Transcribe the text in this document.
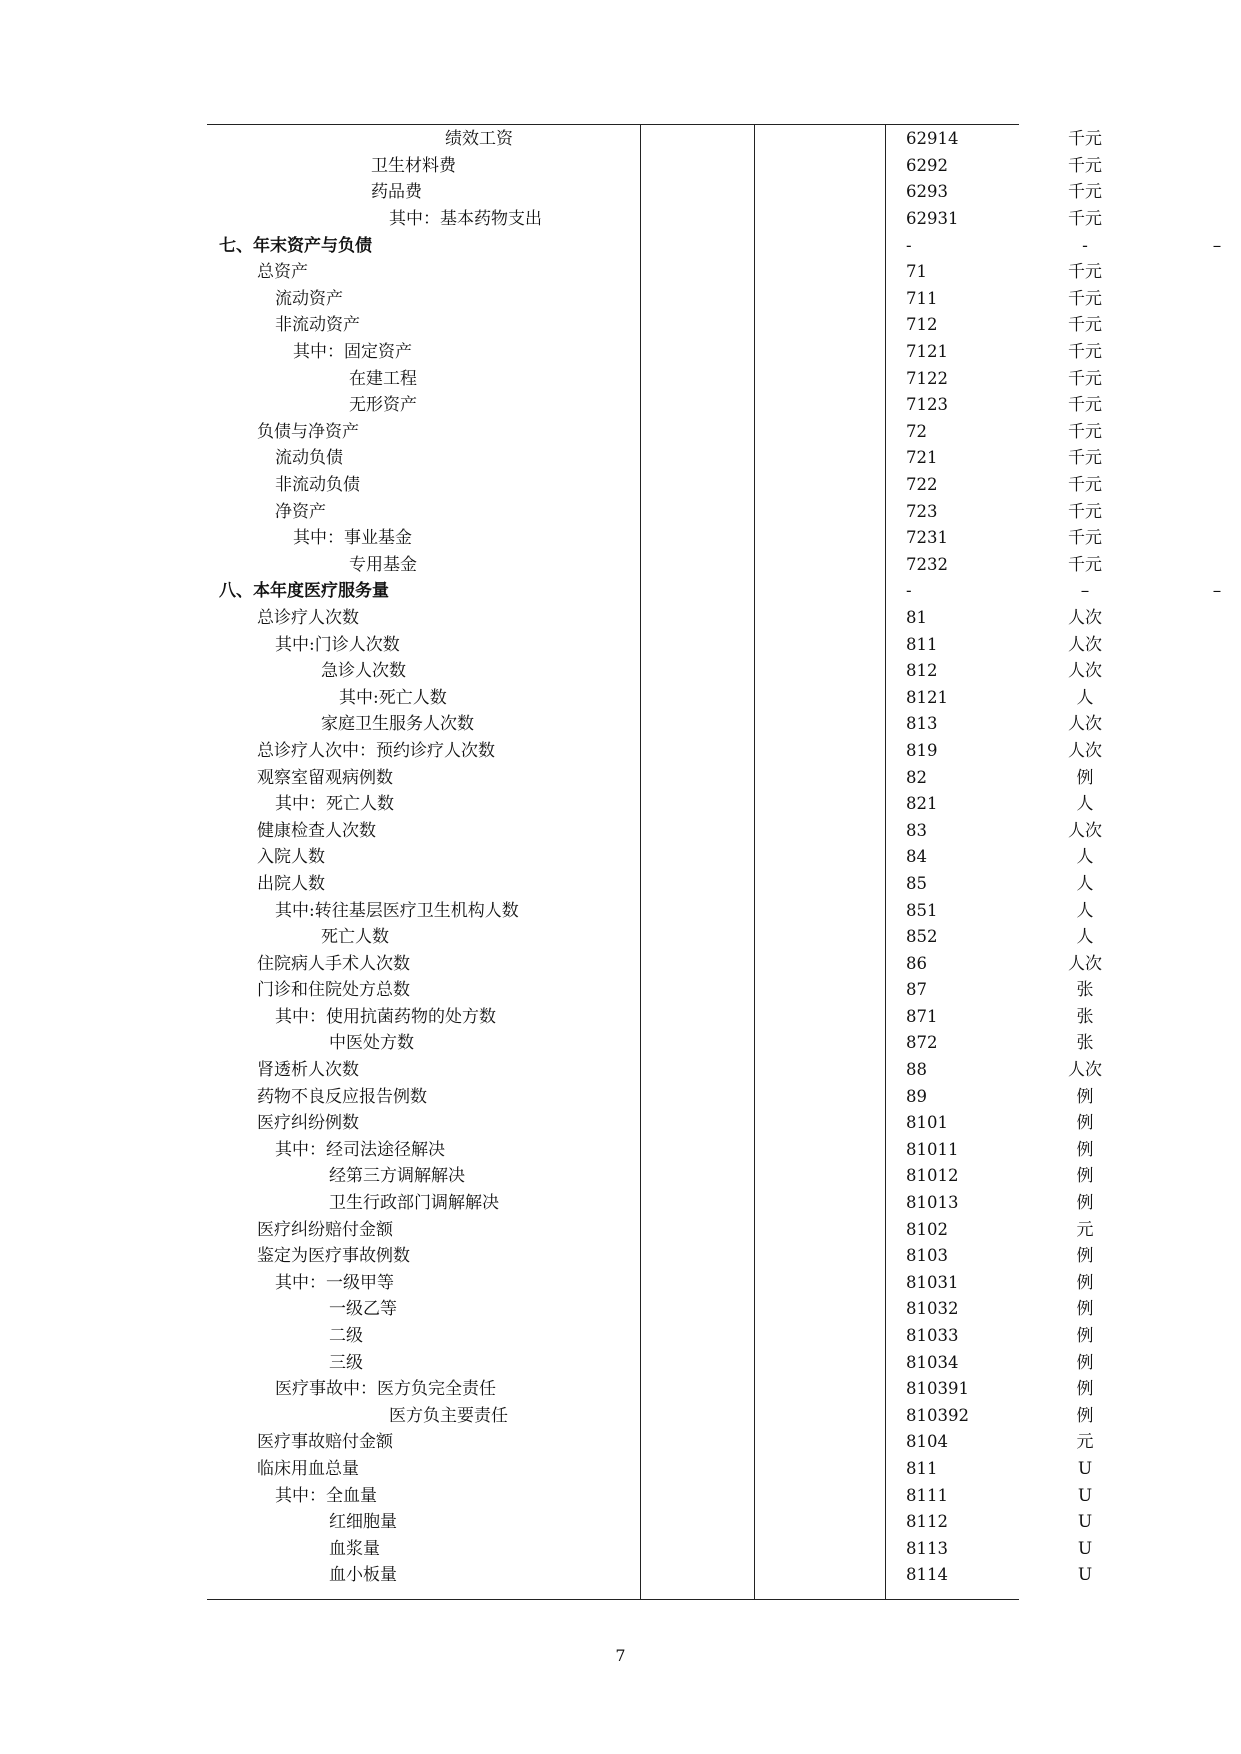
绩效工资	62914	千元	
卫生材料费	6292	千元	
药品费	6293	千元	
其中：基本药物支出	62931	千元	
七、年末资产与负债	-	-	–
总资产	71	千元	
流动资产	711	千元	
非流动资产	712	千元	
其中：固定资产	7121	千元	
在建工程	7122	千元	
无形资产	7123	千元	
负债与净资产	72	千元	
流动负债	721	千元	
非流动负债	722	千元	
净资产	723	千元	
其中：事业基金	7231	千元	
专用基金	7232	千元	
八、本年度医疗服务量	-	–	–
总诊疗人次数	81	人次	
其中:门诊人次数	811	人次	
急诊人次数	812	人次	
其中:死亡人数	8121	人	
家庭卫生服务人次数	813	人次	
总诊疗人次中：预约诊疗人次数	819	人次	
观察室留观病例数	82	例	
其中：死亡人数	821	人	
健康检查人次数	83	人次	
入院人数	84	人	
出院人数	85	人	
其中:转往基层医疗卫生机构人数	851	人	
死亡人数	852	人	
住院病人手术人次数	86	人次	
门诊和住院处方总数	87	张	
其中：使用抗菌药物的处方数	871	张	
中医处方数	872	张	
肾透析人次数	88	人次	
药物不良反应报告例数	89	例	
医疗纠纷例数	8101	例	
其中：经司法途径解决	81011	例	
经第三方调解解决	81012	例	
卫生行政部门调解解决	81013	例	
医疗纠纷赔付金额	8102	元	
鉴定为医疗事故例数	8103	例	
其中：一级甲等	81031	例	
一级乙等	81032	例	
二级	81033	例	
三级	81034	例	
医疗事故中：医方负完全责任	810391	例	
医方负主要责任	810392	例	
医疗事故赔付金额	8104	元	
临床用血总量	811	U	
其中：全血量	8111	U	
红细胞量	8112	U	
血浆量	8113	U	
血小板量	8114	U	
7
